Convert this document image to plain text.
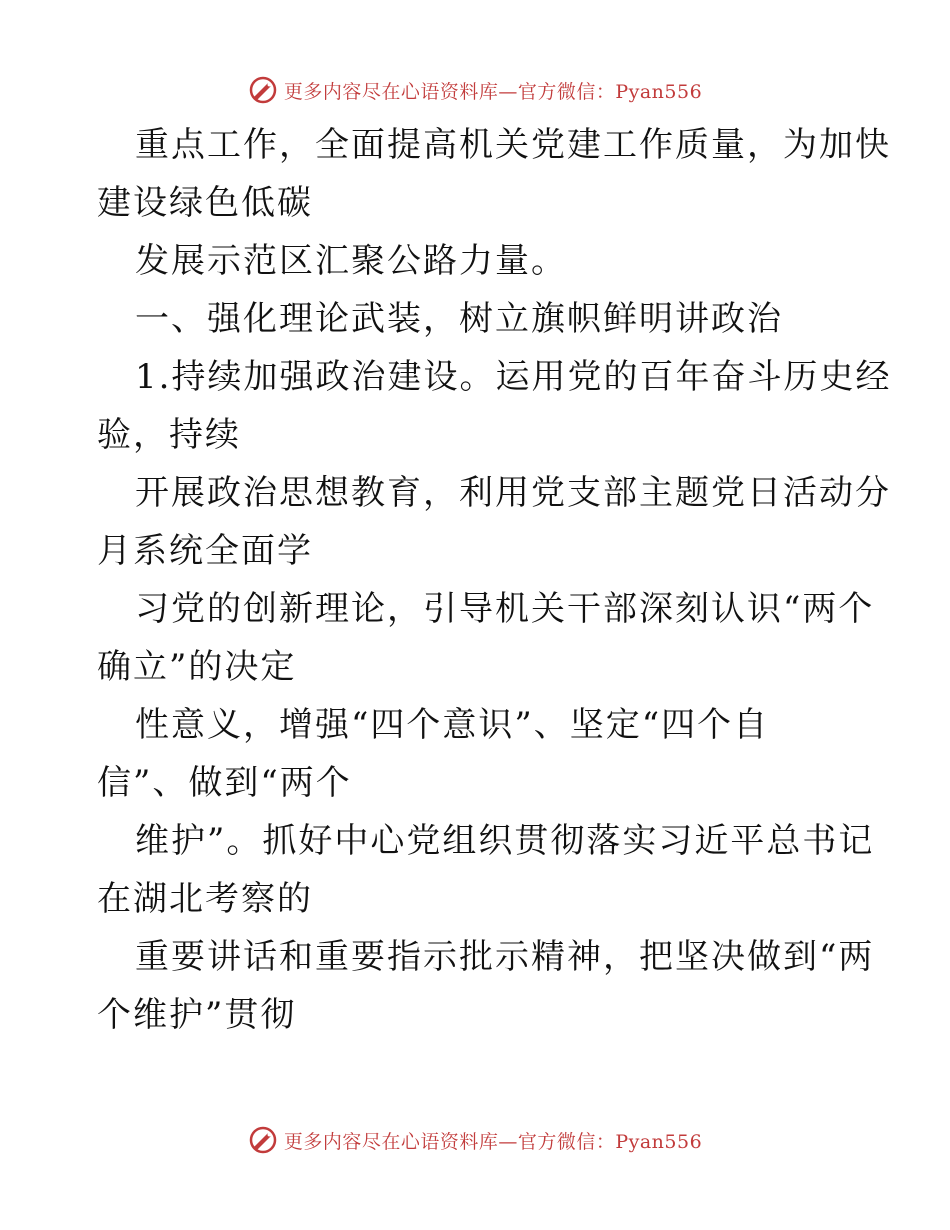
更多内容尽在心语资料库—官方微信：Pyan556
重点工作，全面提高机关党建工作质量，为加快
建设绿色低碳
发展示范区汇聚公路力量。
一、强化理论武装，树立旗帜鲜明讲政治
1.持续加强政治建设。运用党的百年奋斗历史经
验，持续
开展政治思想教育，利用党支部主题党日活动分
月系统全面学
习党的创新理论，引导机关干部深刻认识“两个
确立”的决定
性意义，增强“四个意识”、坚定“四个自
信”、做到“两个
维护”。抓好中心党组织贯彻落实习近平总书记
在湖北考察的
重要讲话和重要指示批示精神，把坚决做到“两
个维护”贯彻
更多内容尽在心语资料库—官方微信：Pyan556
